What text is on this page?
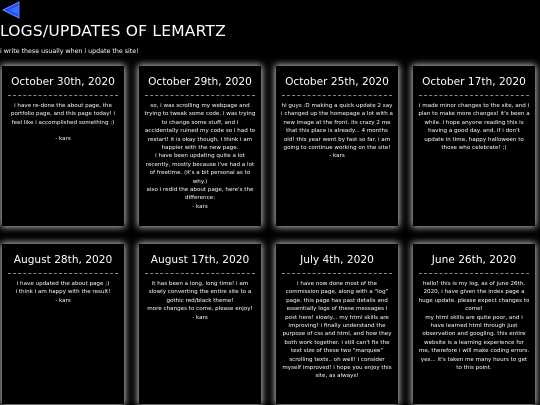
LOGS/UPDATES OF LEMARTZ

i write these usually when i update the site!

October 30th, 2020

i have re-done the about page, the portfolio page, and this page today! i feel like i accomplished something :)

- kars

October 29th, 2020

so, i was scrolling my webpage and trying to tweak some code. i was trying to change some stuff, and i accidentally ruined my code so i had to restart! it is okay though, i think i am happier with the new page.
i have been updating quite a lot recently, mostly because i've had a lot of freetime. (it's a bit personal as to why.)
also i redid the about page, here's the difference:

- kars

October 25th, 2020

hi guys :D making a quick update 2 say i changed up the homepage a lot with a new image at the front. its crazy 2 me that this place is already... 4 months old! this year went by fast so far. i am going to continue working on the site!

- kars

October 17th, 2020

i made minor changes to the site, and i plan to make more changes! it's been a while. i hope anyone reading this is having a good day. and, if i don't update in time, happy halloween to those who celebrate! ;)

August 28th, 2020

i have updated the about page ;)
i think i am happy with the result!

- kars

August 17th, 2020

it has been a long, long time! i am slowly converting the entire site to a gothic red/black theme!
more changes to come, please enjoy!

- kars

July 4th, 2020

i have now done most of the commission page, along with a "log" page. this page has past details and essentially logs of these messages i post here! slowly... my html skills are improving! i finally understand the purpose of css and html, and how they both work together. i still can't fix the text size of these two "marquee" scrolling texts.. oh well! i consider myself improved! i hope you enjoy this site, as always!

June 26th, 2020

hello! this is my log, as of june 26th, 2020, i have given the index page a huge update. please expect changes to come!
my html skills are quite poor, and i have learned html through just observation and googling. this entire website is a learning experience for me, therefore i will make coding errors. yes... it's taken me many hours to get to this point.
